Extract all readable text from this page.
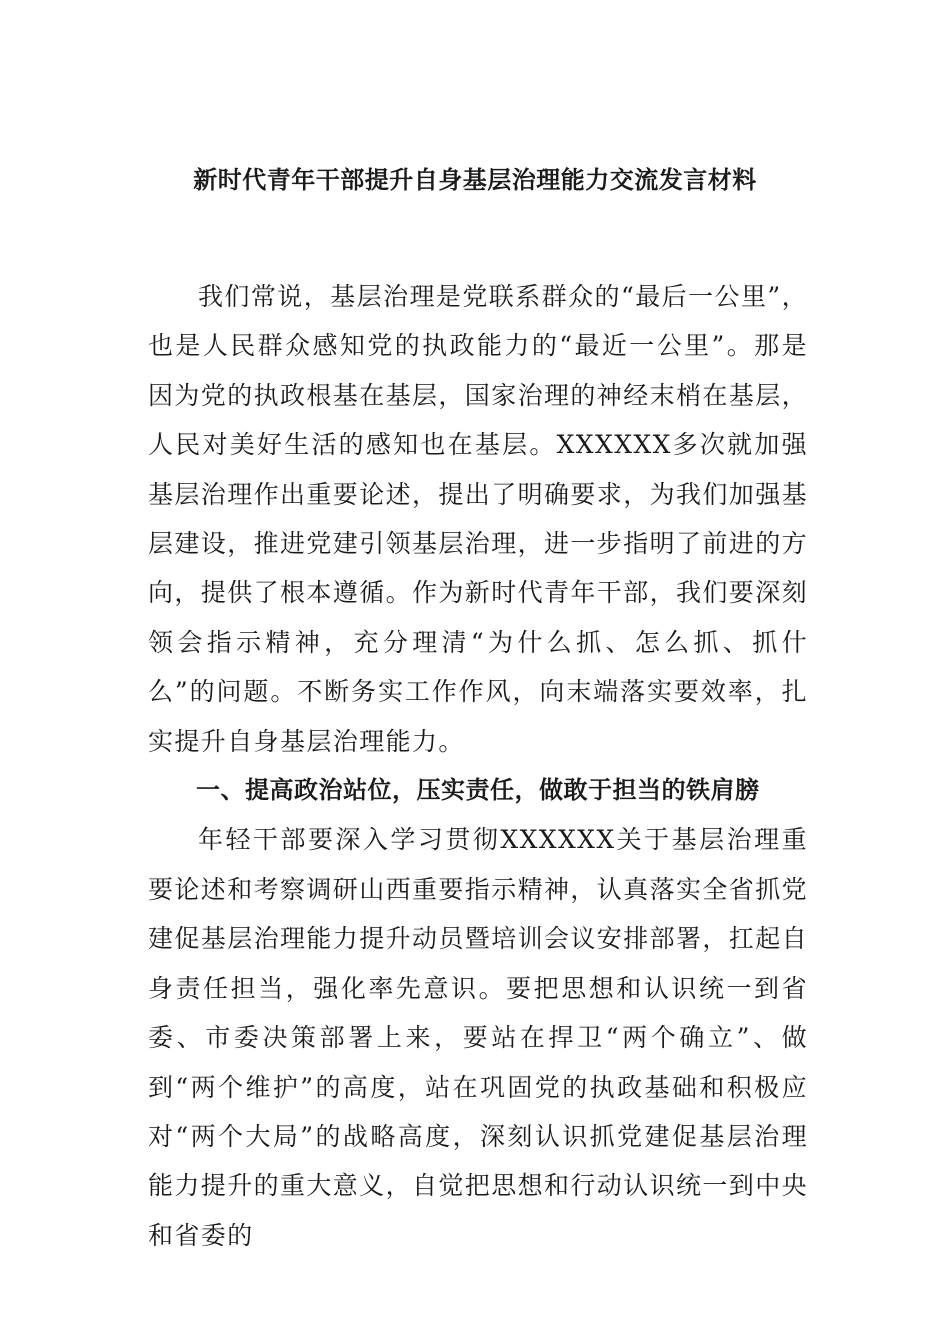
新时代青年干部提升自身基层治理能力交流发言材料

我们常说，基层治理是党联系群众的“最后一公里”，也是人民群众感知党的执政能力的“最近一公里”。那是因为党的执政根基在基层，国家治理的神经末梢在基层，人民对美好生活的感知也在基层。XXXXXX多次就加强基层治理作出重要论述，提出了明确要求，为我们加强基层建设，推进党建引领基层治理，进一步指明了前进的方向，提供了根本遵循。作为新时代青年干部，我们要深刻领会指示精神，充分理清“为什么抓、怎么抓、抓什么”的问题。不断务实工作作风，向末端落实要效率，扎实提升自身基层治理能力。

一、提高政治站位，压实责任，做敢于担当的铁肩膀

年轻干部要深入学习贯彻XXXXXX关于基层治理重要论述和考察调研山西重要指示精神，认真落实全省抓党建促基层治理能力提升动员暨培训会议安排部署，扛起自身责任担当，强化率先意识。要把思想和认识统一到省委、市委决策部署上来，要站在捍卫“两个确立”、做到“两个维护”的高度，站在巩固党的执政基础和积极应对“两个大局”的战略高度，深刻认识抓党建促基层治理能力提升的重大意义，自觉把思想和行动认识统一到中央和省委的
